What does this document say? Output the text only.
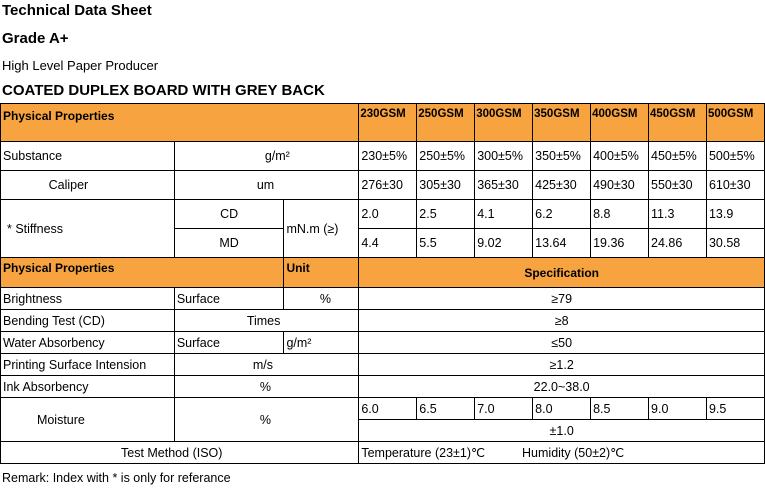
Technical Data Sheet
Grade A+
High Level Paper Producer
COATED DUPLEX BOARD WITH GREY BACK
Physical Properties			230GSM	250GSM	300GSM	350GSM	400GSM	450GSM	500GSM
Substance	g/m²		230±5%	250±5%	300±5%	350±5%	400±5%	450±5%	500±5%
Caliper	um		276±30	305±30	365±30	425±30	490±30	550±30	610±30
* Stiffness	CD	mN.m (≥)	2.0	2.5	4.1	6.2	8.8	11.3	13.9
	MD		4.4	5.5	9.02	13.64	19.36	24.86	30.58
Physical Properties		Unit	Specification						
Brightness	Surface	%	≥79						
Bending Test (CD)	Times		≥8						
Water Absorbency	Surface	g/m²	≤50						
Printing Surface Intension	m/s		≥1.2						
Ink Absorbency	%		22.0~38.0						
Moisture	%		6.0	6.5	7.0	8.0	8.5	9.0	9.5
			±1.0						
Test Method (ISO)			Temperature (23±1)℃ Humidity (50±2)℃						
Remark: Index with * is only for referance
